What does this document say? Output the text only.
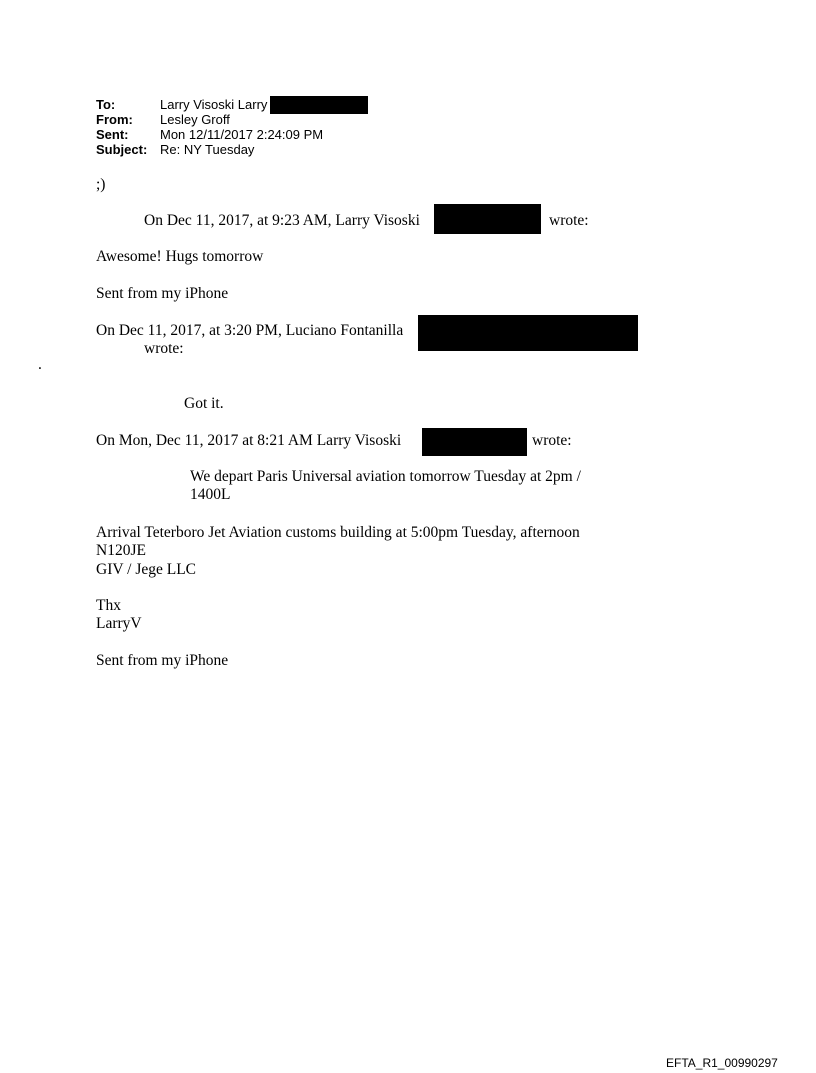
To:	Larry Visoski Larry
From: Lesley Groff
Sent: Mon 12/11/2017 2:24:09 PM
Subject: Re: NY Tuesday
;)
On Dec 11, 2017, at 9:23 AM, Larry Visoski	wrote:
Awesome! Hugs tomorrow
Sent from my iPhone
On Dec 11, 2017, at 3:20 PM, Luciano Fontanilla
wrote:
.
Got it.
On Mon, Dec 11, 2017 at 8:21 AM Larry Visoski	wrote:
We depart Paris Universal aviation tomorrow Tuesday at 2pm /
1400L
Arrival Teterboro Jet Aviation customs building at 5:00pm Tuesday, afternoon
N120JE
GIV / Jege LLC
Thx
LarryV
Sent from my iPhone
EFTA_R1_00990297
